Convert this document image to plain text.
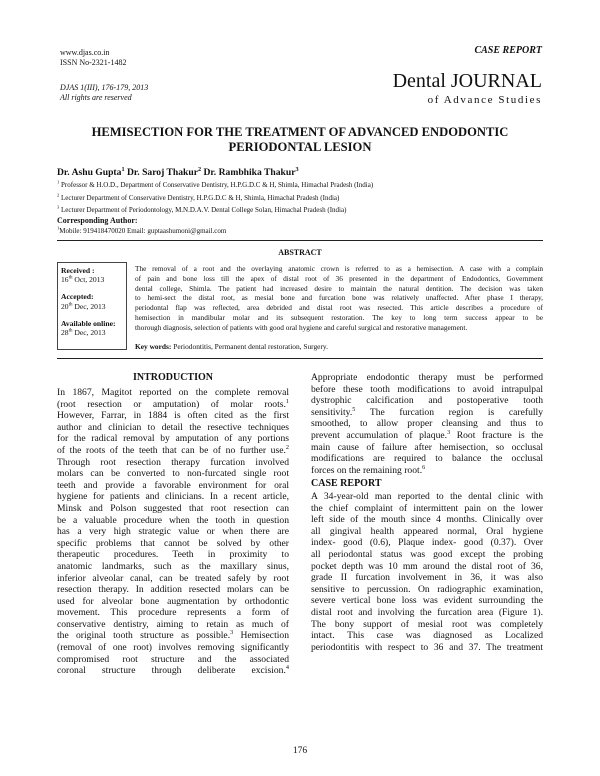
www.djas.co.in
ISSN No-2321-1482
DJAS 1(III), 176-179, 2013
All rights are reserved
CASE REPORT
Dental JOURNAL
of Advance Studies
HEMISECTION FOR THE TREATMENT OF ADVANCED ENDODONTIC
PERIODONTAL LESION
Dr. Ashu Gupta$^1$ Dr. Saroj Thakur$^2$ Dr. Rambhika Thakur$^3$
$^1$ Professor & H.O.D., Department of Conservative Dentistry, H.P.G.D.C & H, Shimla, Himachal Pradesh (India)
$^2$ Lecturer Department of Conservative Dentistry, H.P.G.D.C & H, Shimla, Himachal Pradesh (India)
$^3$ Lecturer Department of Periodontology, M.N.D.A.V. Dental College Solan, Himachal Pradesh (India)
Corresponding Author:
$^1$Mobile: 919418470020 Email: guptaashumoni@gmail.com
ABSTRACT
Received :
16th Oct, 2013
Accepted:
20th Dec, 2013
Available online:
28th Dec, 2013
The removal of a root and the overlaying anatomic crown is referred to as a hemisection. A case with a complain
of pain and bone loss till the apex of distal root of 36 presented in the department of Endodontics, Government
dental college, Shimla. The patient had increased desire to maintain the natural dentition. The decision was taken
to hemi-sect the distal root, as mesial bone and furcation bone was relatively unaffected. After phase I therapy,
periodontal flap was reflected, area debrided and distal root was resected. This article describes a procedure of
hemisection in mandibular molar and its subsequent restoration. The key to long term success appear to be
thorough diagnosis, selection of patients with good oral hygiene and careful surgical and restorative management.
Key words: Periodontitis, Permanent dental restoration, Surgery.
INTRODUCTION
In 1867, Magitot reported on the complete removal
(root resection or amputation) of molar roots.$^1$
However, Farrar, in 1884 is often cited as the first
author and clinician to detail the resective techniques
for the radical removal by amputation of any portions
of the roots of the teeth that can be of no further use.$^2$
Through root resection therapy furcation involved
molars can be converted to non-furcated single root
teeth and provide a favorable environment for oral
hygiene for patients and clinicians. In a recent article,
Minsk and Polson suggested that root resection can
be a valuable procedure when the tooth in question
has a very high strategic value or when there are
specific problems that cannot be solved by other
therapeutic procedures. Teeth in proximity to
anatomic landmarks, such as the maxillary sinus,
inferior alveolar canal, can be treated safely by root
resection therapy. In addition resected molars can be
used for alveolar bone augmentation by orthodontic
movement. This procedure represents a form of
conservative dentistry, aiming to retain as much of
the original tooth structure as possible.$^3$ Hemisection
(removal of one root) involves removing significantly
compromised root structure and the associated
coronal structure through deliberate excision.$^4$
Appropriate endodontic therapy must be performed
before these tooth modifications to avoid intrapulpal
dystrophic calcification and postoperative tooth
sensitivity.$^5$ The furcation region is carefully
smoothed, to allow proper cleansing and thus to
prevent accumulation of plaque.$^3$ Root fracture is the
main cause of failure after hemisection, so occlusal
modifications are required to balance the occlusal
forces on the remaining root.$^6$
CASE REPORT
A 34-year-old man reported to the dental clinic with
the chief complaint of intermittent pain on the lower
left side of the mouth since 4 months. Clinically over
all gingival health appeared normal, Oral hygiene
index- good (0.6), Plaque index- good (0.37). Over
all periodontal status was good except the probing
pocket depth was 10 mm around the distal root of 36,
grade II furcation involvement in 36, it was also
sensitive to percussion. On radiographic examination,
severe vertical bone loss was evident surrounding the
distal root and involving the furcation area (Figure 1).
The bony support of mesial root was completely
intact. This case was diagnosed as Localized
periodontitis with respect to 36 and 37. The treatment
176
